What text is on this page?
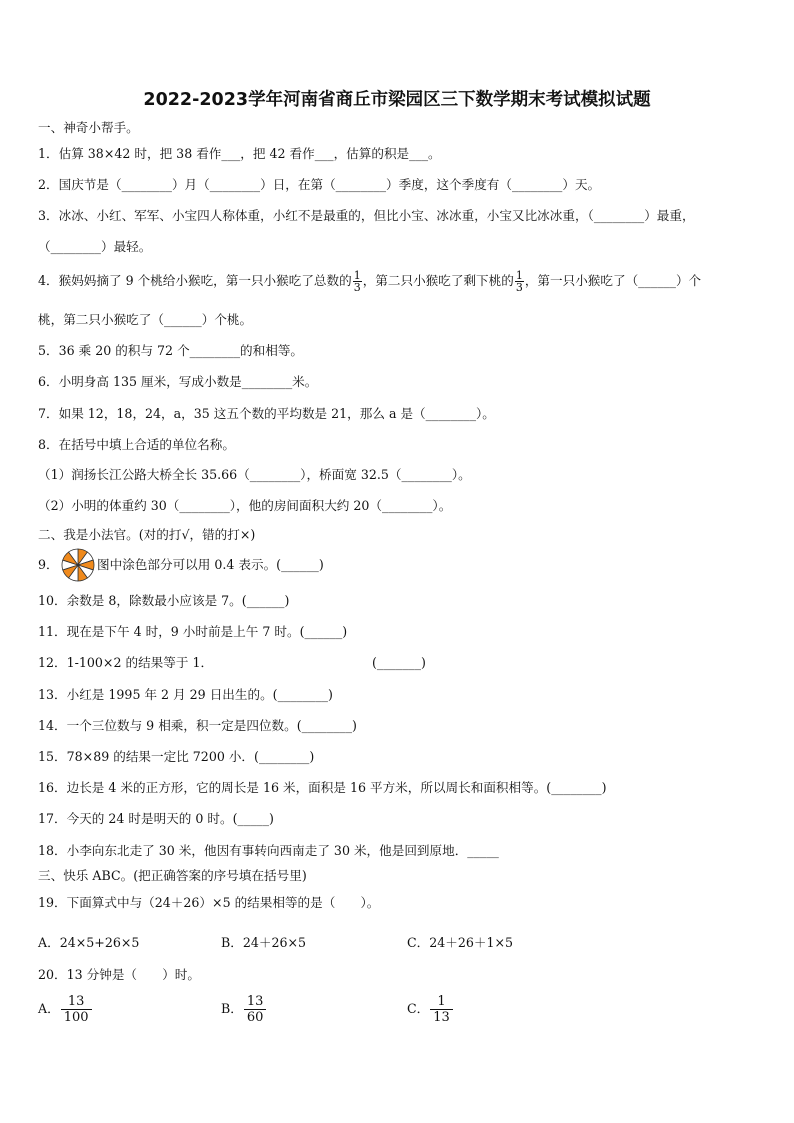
2022-2023学年河南省商丘市梁园区三下数学期末考试模拟试题
一、神奇小帮手。
1．估算 38×42 时，把 38 看作___，把 42 看作___，估算的积是___。
2．国庆节是（________）月（________）日，在第（________）季度，这个季度有（________）天。
3．冰冰、小红、军军、小宝四人称体重，小红不是最重的，但比小宝、冰冰重，小宝又比冰冰重，（________）最重，
（________）最轻。
4．猴妈妈摘了 9 个桃给小猴吃，第一只小猴吃了总数的 $\frac{1}{3}$ ，第二只小猴吃了剩下桃的 $\frac{1}{3}$ ，第一只小猴吃了（______）个
桃，第二只小猴吃了（______）个桃。
5．36 乘 20 的积与 72 个________的和相等。
6．小明身高 135 厘米，写成小数是________米。
7．如果 12，18，24，a，35 这五个数的平均数是 21，那么 a 是（________）。
8．在括号中填上合适的单位名称。
（1）润扬长江公路大桥全长 35.66（________），桥面宽 32.5（________）。
（2）小明的体重约 30（________），他的房间面积大约 20（________）。
二、我是小法官。(对的打√，错的打×)
9．	图中涂色部分可以用 0.4 表示。(______)
10．余数是 8，除数最小应该是 7。(______)
11．现在是下午 4 时，9 小时前是上午 7 时。(______)
12．1-100×2 的结果等于 1．	(_______)
13．小红是 1995 年 2 月 29 日出生的。(________)
14．一个三位数与 9 相乘，积一定是四位数。(________)
15．78×89 的结果一定比 7200 小．(________)
16．边长是 4 米的正方形，它的周长是 16 米，面积是 16 平方米，所以周长和面积相等。(________)
17．今天的 24 时是明天的 0 时。(_____)
18．小李向东北走了 30 米，他因有事转向西南走了 30 米，他是回到原地．_____
三、快乐 ABC。(把正确答案的序号填在括号里)
19．下面算式中与（24＋26）×5 的结果相等的是（　　）。
A．24×5+26×5	B．24＋26×5	C．24＋26＋1×5
20．13 分钟是（　　）时。
A． $\frac{13}{100}$	B． $\frac{13}{60}$	C． $\frac{1}{13}$
